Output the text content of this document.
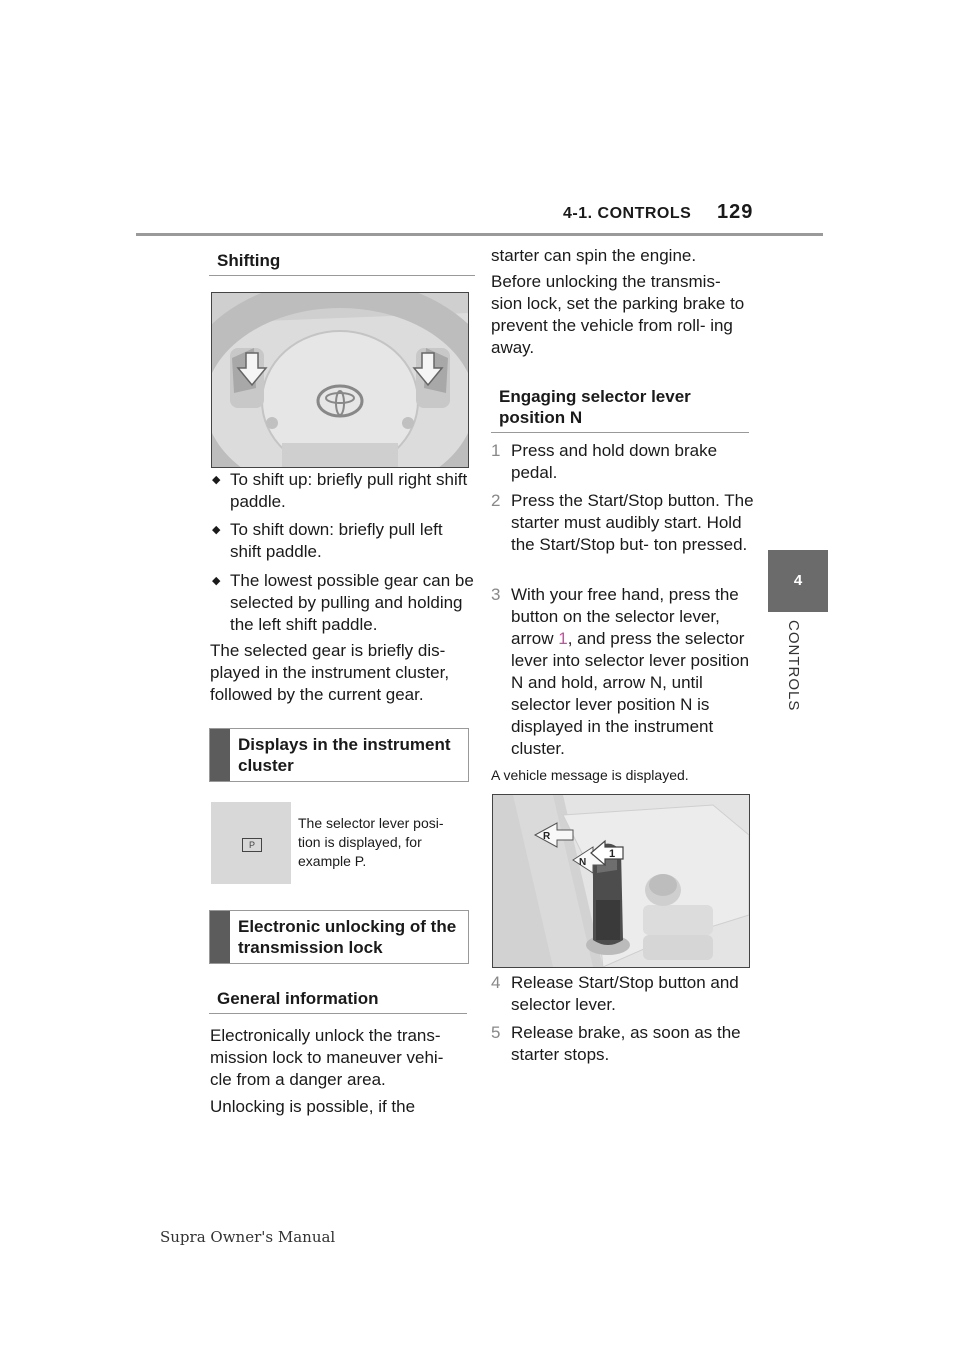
4-1. CONTROLS 129
4
CONTROLS
Shifting
◆ To shift up: briefly pull right shift paddle.
◆ To shift down: briefly pull left shift paddle.
◆ The lowest possible gear can be selected by pulling and holding the left shift paddle.
The selected gear is briefly dis- played in the instrument cluster, followed by the current gear.
Displays in the instrument cluster
P
The selector lever posi- tion is displayed, for example P.
Electronic unlocking of the transmission lock
General information
Electronically unlock the trans- mission lock to maneuver vehi- cle from a danger area.
Unlocking is possible, if the
starter can spin the engine.
Before unlocking the transmis- sion lock, set the parking brake to prevent the vehicle from roll- ing away.
Engaging selector lever position N
1 Press and hold down brake pedal.
2 Press the Start/Stop button. The starter must audibly start. Hold the Start/Stop but- ton pressed.
3 With your free hand, press the button on the selector lever, arrow 1, and press the selector lever into selector lever position N and hold, arrow N, until selector lever position N is displayed in the instrument cluster.
A vehicle message is displayed.
R
N
1
4 Release Start/Stop button and selector lever.
5 Release brake, as soon as the starter stops.
Supra Owner's Manual
